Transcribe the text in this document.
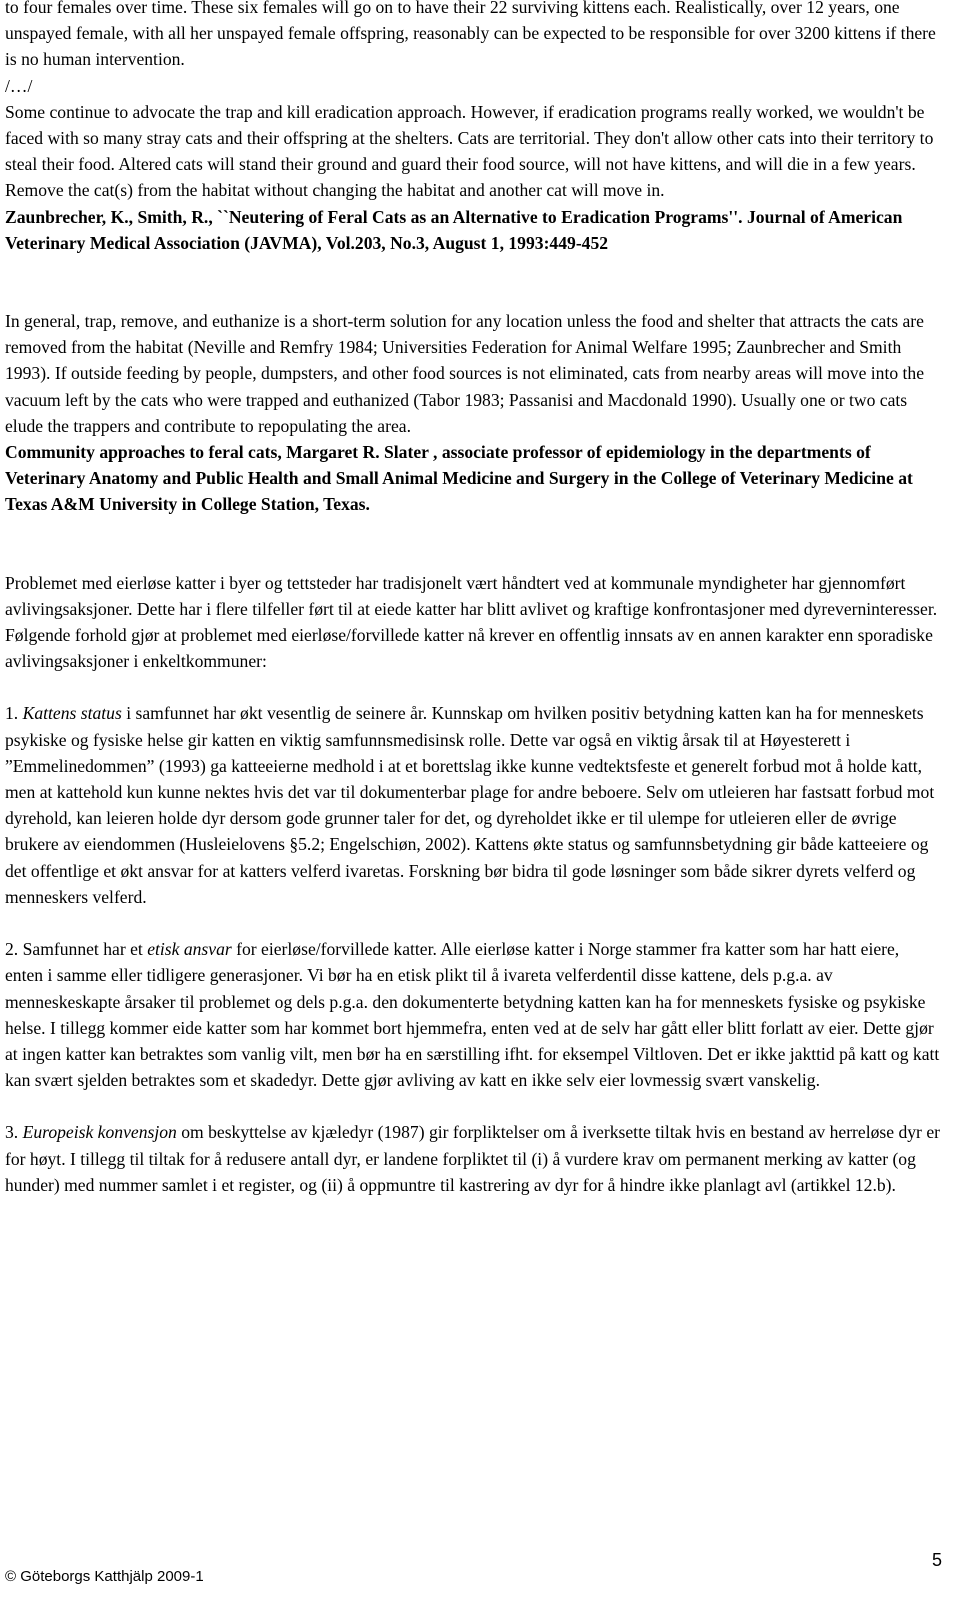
to four females over time. These six females will go on to have their 22 surviving kittens each. Realistically, over 12 years, one unspayed female, with all her unspayed female offspring, reasonably can be expected to be responsible for over 3200 kittens if there is no human intervention.

/…/

Some continue to advocate the trap and kill eradication approach. However, if eradication programs really worked, we wouldn't be faced with so many stray cats and their offspring at the shelters. Cats are territorial. They don't allow other cats into their territory to steal their food. Altered cats will stand their ground and guard their food source, will not have kittens, and will die in a few years. Remove the cat(s) from the habitat without changing the habitat and another cat will move in.

Zaunbrecher, K., Smith, R., ``Neutering of Feral Cats as an Alternative to Eradication Programs''. Journal of American Veterinary Medical Association (JAVMA), Vol.203, No.3, August 1, 1993:449-452

In general, trap, remove, and euthanize is a short-term solution for any location unless the food and shelter that attracts the cats are removed from the habitat (Neville and Remfry 1984; Universities Federation for Animal Welfare 1995; Zaunbrecher and Smith 1993). If outside feeding by people, dumpsters, and other food sources is not eliminated, cats from nearby areas will move into the vacuum left by the cats who were trapped and euthanized (Tabor 1983; Passanisi and Macdonald 1990). Usually one or two cats elude the trappers and contribute to repopulating the area.

Community approaches to feral cats, Margaret R. Slater , associate professor of epidemiology in the departments of Veterinary Anatomy and Public Health and Small Animal Medicine and Surgery in the College of Veterinary Medicine at Texas A&M University in College Station, Texas.

Problemet med eierløse katter i byer og tettsteder har tradisjonelt vært håndtert ved at kommunale myndigheter har gjennomført avlivingsaksjoner. Dette har i flere tilfeller ført til at eiede katter har blitt avlivet og kraftige konfrontasjoner med dyreverninteresser. Følgende forhold gjør at problemet med eierløse/forvillede katter nå krever en offentlig innsats av en annen karakter enn sporadiske avlivingsaksjoner i enkeltkommuner:

1. Kattens status i samfunnet har økt vesentlig de seinere år. Kunnskap om hvilken positiv betydning katten kan ha for menneskets psykiske og fysiske helse gir katten en viktig samfunnsmedisinsk rolle. Dette var også en viktig årsak til at Høyesterett i ”Emmelinedommen” (1993) ga katteeierne medhold i at et borettslag ikke kunne vedtektsfeste et generelt forbud mot å holde katt, men at kattehold kun kunne nektes hvis det var til dokumenterbar plage for andre beboere. Selv om utleieren har fastsatt forbud mot dyrehold, kan leieren holde dyr dersom gode grunner taler for det, og dyreholdet ikke er til ulempe for utleieren eller de øvrige brukere av eiendommen (Husleielovens §5.2; Engelschiøn, 2002). Kattens økte status og samfunnsbetydning gir både katteeiere og det offentlige et økt ansvar for at katters velferd ivaretas. Forskning bør bidra til gode løsninger som både sikrer dyrets velferd og menneskers velferd.

2. Samfunnet har et etisk ansvar for eierløse/forvillede katter. Alle eierløse katter i Norge stammer fra katter som har hatt eiere, enten i samme eller tidligere generasjoner. Vi bør ha en etisk plikt til å ivareta velferdentil disse kattene, dels p.g.a. av menneskeskapte årsaker til problemet og dels p.g.a. den dokumenterte betydning katten kan ha for menneskets fysiske og psykiske helse. I tillegg kommer eide katter som har kommet bort hjemmefra, enten ved at de selv har gått eller blitt forlatt av eier. Dette gjør at ingen katter kan betraktes som vanlig vilt, men bør ha en særstilling ifht. for eksempel Viltloven. Det er ikke jakttid på katt og katt kan svært sjelden betraktes som et skadedyr. Dette gjør avliving av katt en ikke selv eier lovmessig svært vanskelig.

3. Europeisk konvensjon om beskyttelse av kjæledyr (1987) gir forpliktelser om å iverksette tiltak hvis en bestand av herreløse dyr er for høyt. I tillegg til tiltak for å redusere antall dyr, er landene forpliktet til (i) å vurdere krav om permanent merking av katter (og hunder) med nummer samlet i et register, og (ii) å oppmuntre til kastrering av dyr for å hindre ikke planlagt avl (artikkel 12.b).

© Göteborgs Katthjälp 2009-1
5
